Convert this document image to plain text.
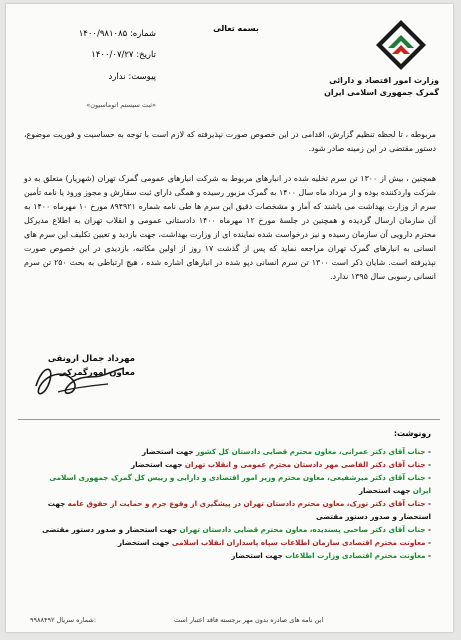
بسمه تعالی
وزارت امور اقتصاد و دارائی
گمرک جمهوری اسلامی ایران
شماره: ۱۴۰۰/۹۸۱۰۸۵
تاریخ: ۱۴۰۰/۰۷/۲۷
پیوست: ندارد
«ثبت سیستم اتوماسیون»

مربوطه ، تا لحظه تنظیم گزارش، اقدامی در این خصوص صورت نپذیرفته که لازم است با توجه به حساسیت و فوریت موضوع، دستور مقتضی در این زمینه صادر شود.

همچنین ، بیش از ۱۳۰۰ تن سرم تخلیه شده در انبارهای مربوط به شرکت انبارهای عمومی گمرک تهران (شهریار) متعلق به دو شرکت واردکننده بوده و از مرداد ماه سال ۱۴۰۰ به گمرک مزبور رسیده و همگی دارای ثبت سفارش و مجوز ورود یا نامه تأمین سرم از وزارت بهداشت می باشند که آمار و مشخصات دقیق این سرم ها طی نامه شماره ۸۹۴۹۲۱ مورخ ۱۰ مهرماه ۱۴۰۰ به آن سازمان ارسال گردیده و همچنین در جلسهٔ مورخ ۱۲ مهرماه ۱۴۰۰ دادستانی عمومی و انقلاب تهران به اطلاع مدیرکل محترم دارویی آن سازمان رسیده و نیز درخواست شده نماینده ای از وزارت بهداشت، جهت بازدید و تعیین تکلیف این سرم های انسانی به انبارهای گمرک تهران مراجعه نماید که پس از گذشت ۱۷ روز از اولین مکاتبه، بازدیدی در این خصوص صورت نپذیرفته است. شایان ذکر است ۱۳۰۰ تن سرم انسانی دپو شده در انبارهای اشاره شده ، هیچ ارتباطی به بحث ۲۵۰ تن سرم انسانی رسوبی سال ۱۳۹۵ ندارد.

مهرداد جمال ارونقی
معاون امورگمرکی
رونوشت:

- جناب آقای دکتر عمرانی، معاون محترم قضایی دادستان کل کشور جهت استحضار

- جناب آقای دکتر القاصی مهر دادستان محترم عمومی و انقلاب تهران جهت استحضار

- جناب آقای دکتر میرشفیعی، معاون محترم وزیر امور اقتصادی و دارایی و رییس کل گمرک جمهوری اسلامی ایران جهت استحضار

- جناب آقای دکتر تورک، معاون محترم دادستان تهران در پیشگیری از وقوع جرم و حمایت از حقوق عامه جهت استحضار و صدور دستور مقتضی

- جناب آقای دکتر صاحبی پسندیده، معاون محترم قضایی دادستان تهران جهت استحضار و صدور دستور مقتضی

- معاونت محترم اقتصادی سازمان اطلاعات سپاه پاسداران انقلاب اسلامی جهت استحضار

- معاونت محترم اقتصادی وزارت اطلاعات جهت استحضار

۹۹۸۸۴۹۲ شماره سریال:	این نامه های صادره بدون مهر برجسته فاقد اعتبار است
